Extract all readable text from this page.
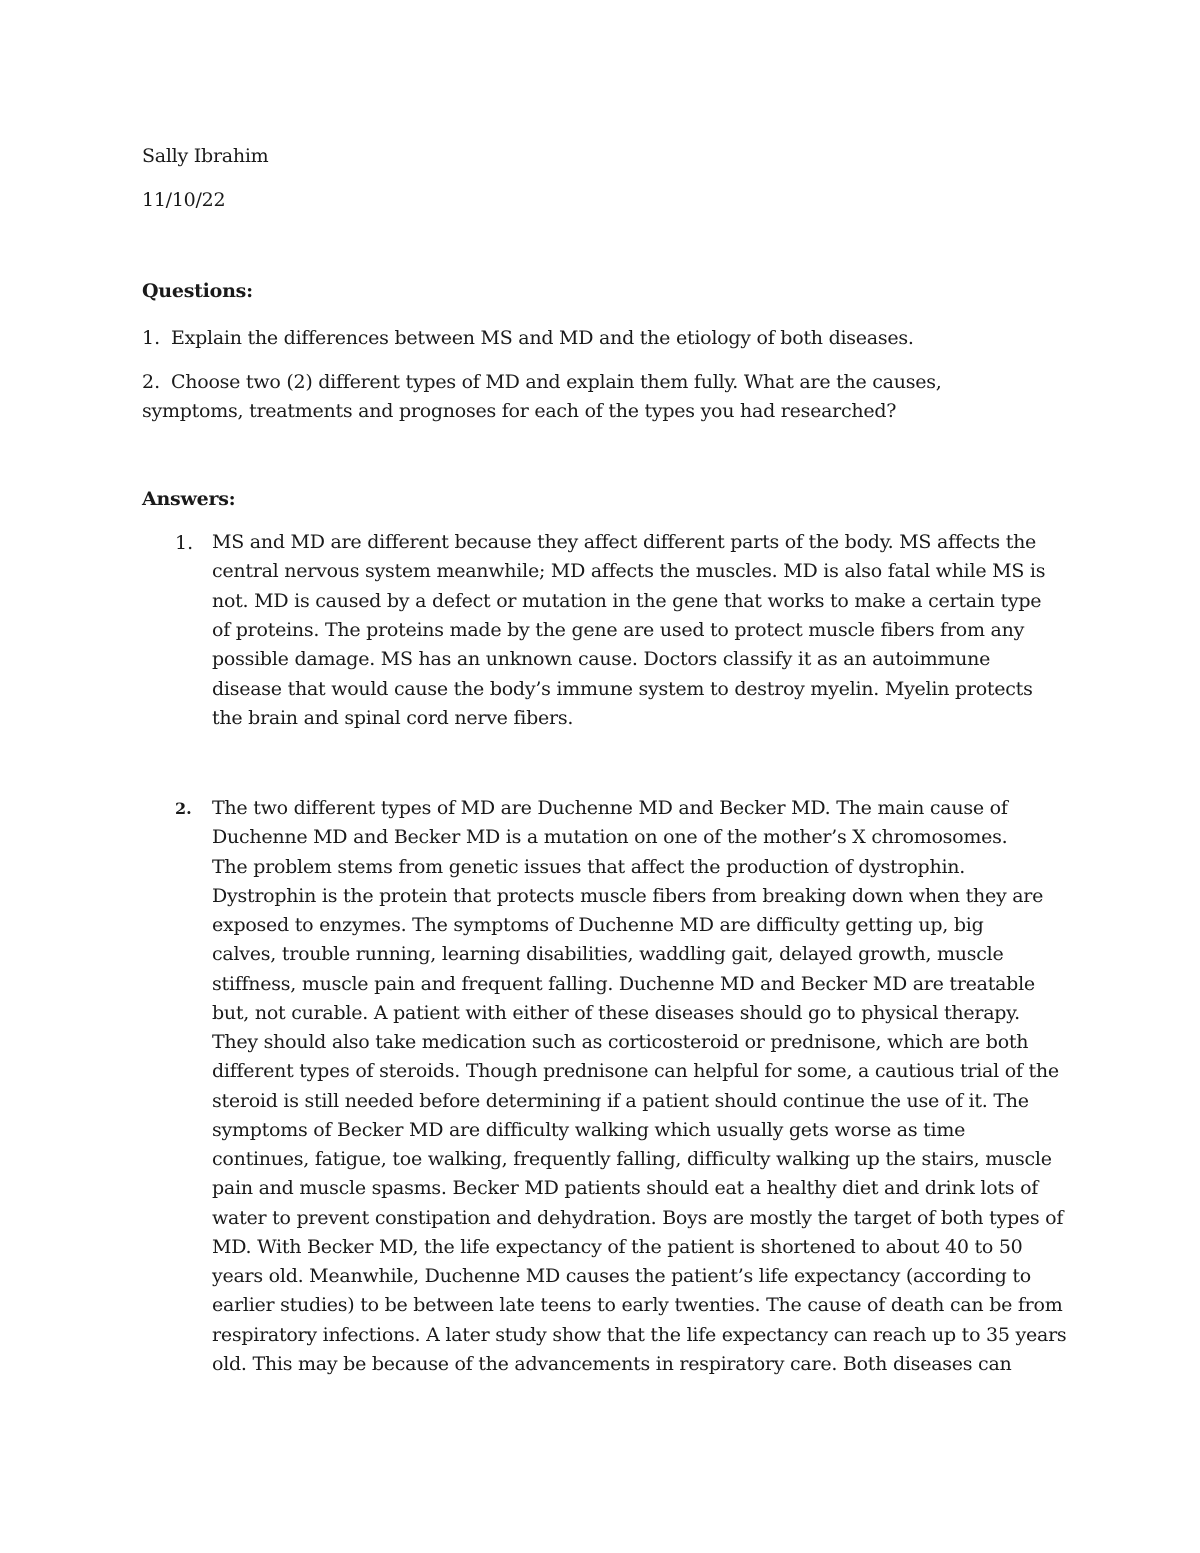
Sally Ibrahim
11/10/22
Questions:
1. Explain the differences between MS and MD and the etiology of both diseases.
2. Choose two (2) different types of MD and explain them fully. What are the causes,
symptoms, treatments and prognoses for each of the types you had researched?
Answers:
1. MS and MD are different because they affect different parts of the body. MS affects the
central nervous system meanwhile; MD affects the muscles. MD is also fatal while MS is
not. MD is caused by a defect or mutation in the gene that works to make a certain type
of proteins. The proteins made by the gene are used to protect muscle fibers from any
possible damage. MS has an unknown cause. Doctors classify it as an autoimmune
disease that would cause the body’s immune system to destroy myelin. Myelin protects
the brain and spinal cord nerve fibers.
2. The two different types of MD are Duchenne MD and Becker MD. The main cause of
Duchenne MD and Becker MD is a mutation on one of the mother’s X chromosomes.
The problem stems from genetic issues that affect the production of dystrophin.
Dystrophin is the protein that protects muscle fibers from breaking down when they are
exposed to enzymes. The symptoms of Duchenne MD are difficulty getting up, big
calves, trouble running, learning disabilities, waddling gait, delayed growth, muscle
stiffness, muscle pain and frequent falling. Duchenne MD and Becker MD are treatable
but, not curable. A patient with either of these diseases should go to physical therapy.
They should also take medication such as corticosteroid or prednisone, which are both
different types of steroids. Though prednisone can helpful for some, a cautious trial of the
steroid is still needed before determining if a patient should continue the use of it. The
symptoms of Becker MD are difficulty walking which usually gets worse as time
continues, fatigue, toe walking, frequently falling, difficulty walking up the stairs, muscle
pain and muscle spasms. Becker MD patients should eat a healthy diet and drink lots of
water to prevent constipation and dehydration. Boys are mostly the target of both types of
MD. With Becker MD, the life expectancy of the patient is shortened to about 40 to 50
years old. Meanwhile, Duchenne MD causes the patient’s life expectancy (according to
earlier studies) to be between late teens to early twenties. The cause of death can be from
respiratory infections. A later study show that the life expectancy can reach up to 35 years
old. This may be because of the advancements in respiratory care. Both diseases can
